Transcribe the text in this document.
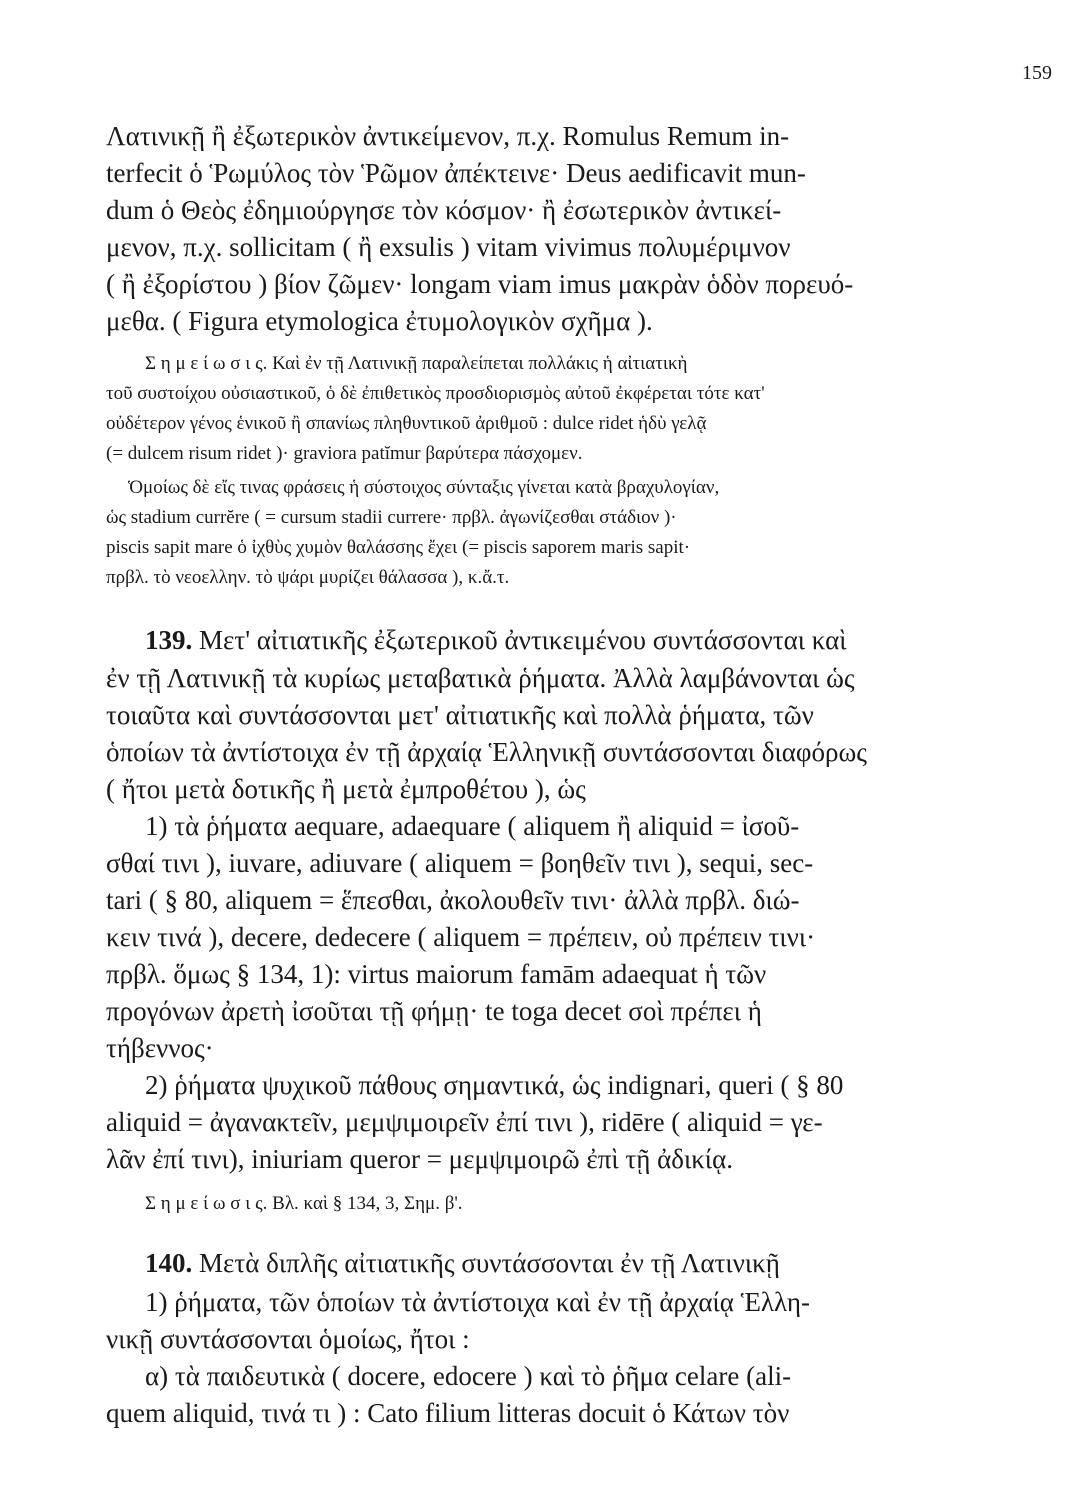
159
Λατινικῇ ἢ ἐξωτερικὸν ἀντικείμενον, π.χ. Romulus Remum in-
terfecit ὁ Ῥωμύλος τὸν Ῥῶμον ἀπέκτεινε· Deus aedificavit mun-
dum ὁ Θεὸς ἐδημιούργησε τὸν κόσμον· ἢ ἐσωτερικὸν ἀντικεί-
μενον, π.χ. sollicitam ( ἢ exsulis ) vitam vivimus πολυμέριμνον
( ἢ ἐξορίστου ) βίον ζῶμεν· longam viam imus μακρὰν ὁδὸν πορευό-
μεθα. ( Figura etymologica ἐτυμολογικὸν σχῆμα ).
Σ η μ ε ί ω σ ι ς. Καὶ ἐν τῇ Λατινικῇ παραλείπεται πολλάκις ἡ αἰτιατικὴ
τοῦ συστοίχου οὐσιαστικοῦ, ὁ δὲ ἐπιθετικὸς προσδιορισμὸς αὐτοῦ ἐκφέρεται τότε κατ'
οὐδέτερον γένος ἑνικοῦ ἢ σπανίως πληθυντικοῦ ἀριθμοῦ : dulce ridet ἡδὺ γελᾷ
(= dulcem risum ridet )· graviora patĭmur βαρύτερα πάσχομεν.
Ὁμοίως δὲ εἴς τινας φράσεις ἡ σύστοιχος σύνταξις γίνεται κατὰ βραχυλογίαν,
ὡς stadium currĕre ( = cursum stadii currere· πρβλ. ἀγωνίζεσθαι στάδιον )·
piscis sapit mare ὁ ἰχθὺς χυμὸν θαλάσσης ἔχει (= piscis saporem maris sapit·
πρβλ. τὸ νεοελλην. τὸ ψάρι μυρίζει θάλασσα ), κ.ἄ.τ.
139. Μετ' αἰτιατικῆς ἐξωτερικοῦ ἀντικειμένου συντάσσονται καὶ
ἐν τῇ Λατινικῇ τὰ κυρίως μεταβατικὰ ῥήματα. Ἀλλὰ λαμβάνονται ὡς
τοιαῦτα καὶ συντάσσονται μετ' αἰτιατικῆς καὶ πολλὰ ῥήματα, τῶν
ὁποίων τὰ ἀντίστοιχα ἐν τῇ ἀρχαίᾳ Ἑλληνικῇ συντάσσονται διαφόρως
( ἤτοι μετὰ δοτικῆς ἢ μετὰ ἐμπροθέτου ), ὡς
1) τὰ ῥήματα aequare, adaequare ( aliquem ἢ aliquid = ἰσοῦ-
σθαί τινι ), iuvare, adiuvare ( aliquem = βοηθεῖν τινι ), sequi, sec-
tari ( § 80, aliquem = ἕπεσθαι, ἀκολουθεῖν τινι· ἀλλὰ πρβλ. διώ-
κειν τινά ), decere, dedecere ( aliquem = πρέπειν, οὐ πρέπειν τινι·
πρβλ. ὅμως § 134, 1): virtus maiorum famām adaequat ἡ τῶν
προγόνων ἀρετὴ ἰσοῦται τῇ φήμῃ· te toga decet σοὶ πρέπει ἡ
τήβεννος·
2) ῥήματα ψυχικοῦ πάθους σημαντικά, ὡς indignari, queri ( § 80
aliquid = ἀγανακτεῖν, μεμψιμοιρεῖν ἐπί τινι ), ridēre ( aliquid = γε-
λᾶν ἐπί τινι), iniuriam queror = μεμψιμοιρῶ ἐπὶ τῇ ἀδικίᾳ.
Σ η μ ε ί ω σ ι ς. Βλ. καὶ § 134, 3, Σημ. β'.
140. Μετὰ διπλῆς αἰτιατικῆς συντάσσονται ἐν τῇ Λατινικῇ
1) ῥήματα, τῶν ὁποίων τὰ ἀντίστοιχα καὶ ἐν τῇ ἀρχαίᾳ Ἑλλη-
νικῇ συντάσσονται ὁμοίως, ἤτοι :
α) τὰ παιδευτικὰ ( docere, edocere ) καὶ τὸ ῥῆμα celare (ali-
quem aliquid, τινά τι ) : Cato filium litteras docuit ὁ Κάτων τὸν
